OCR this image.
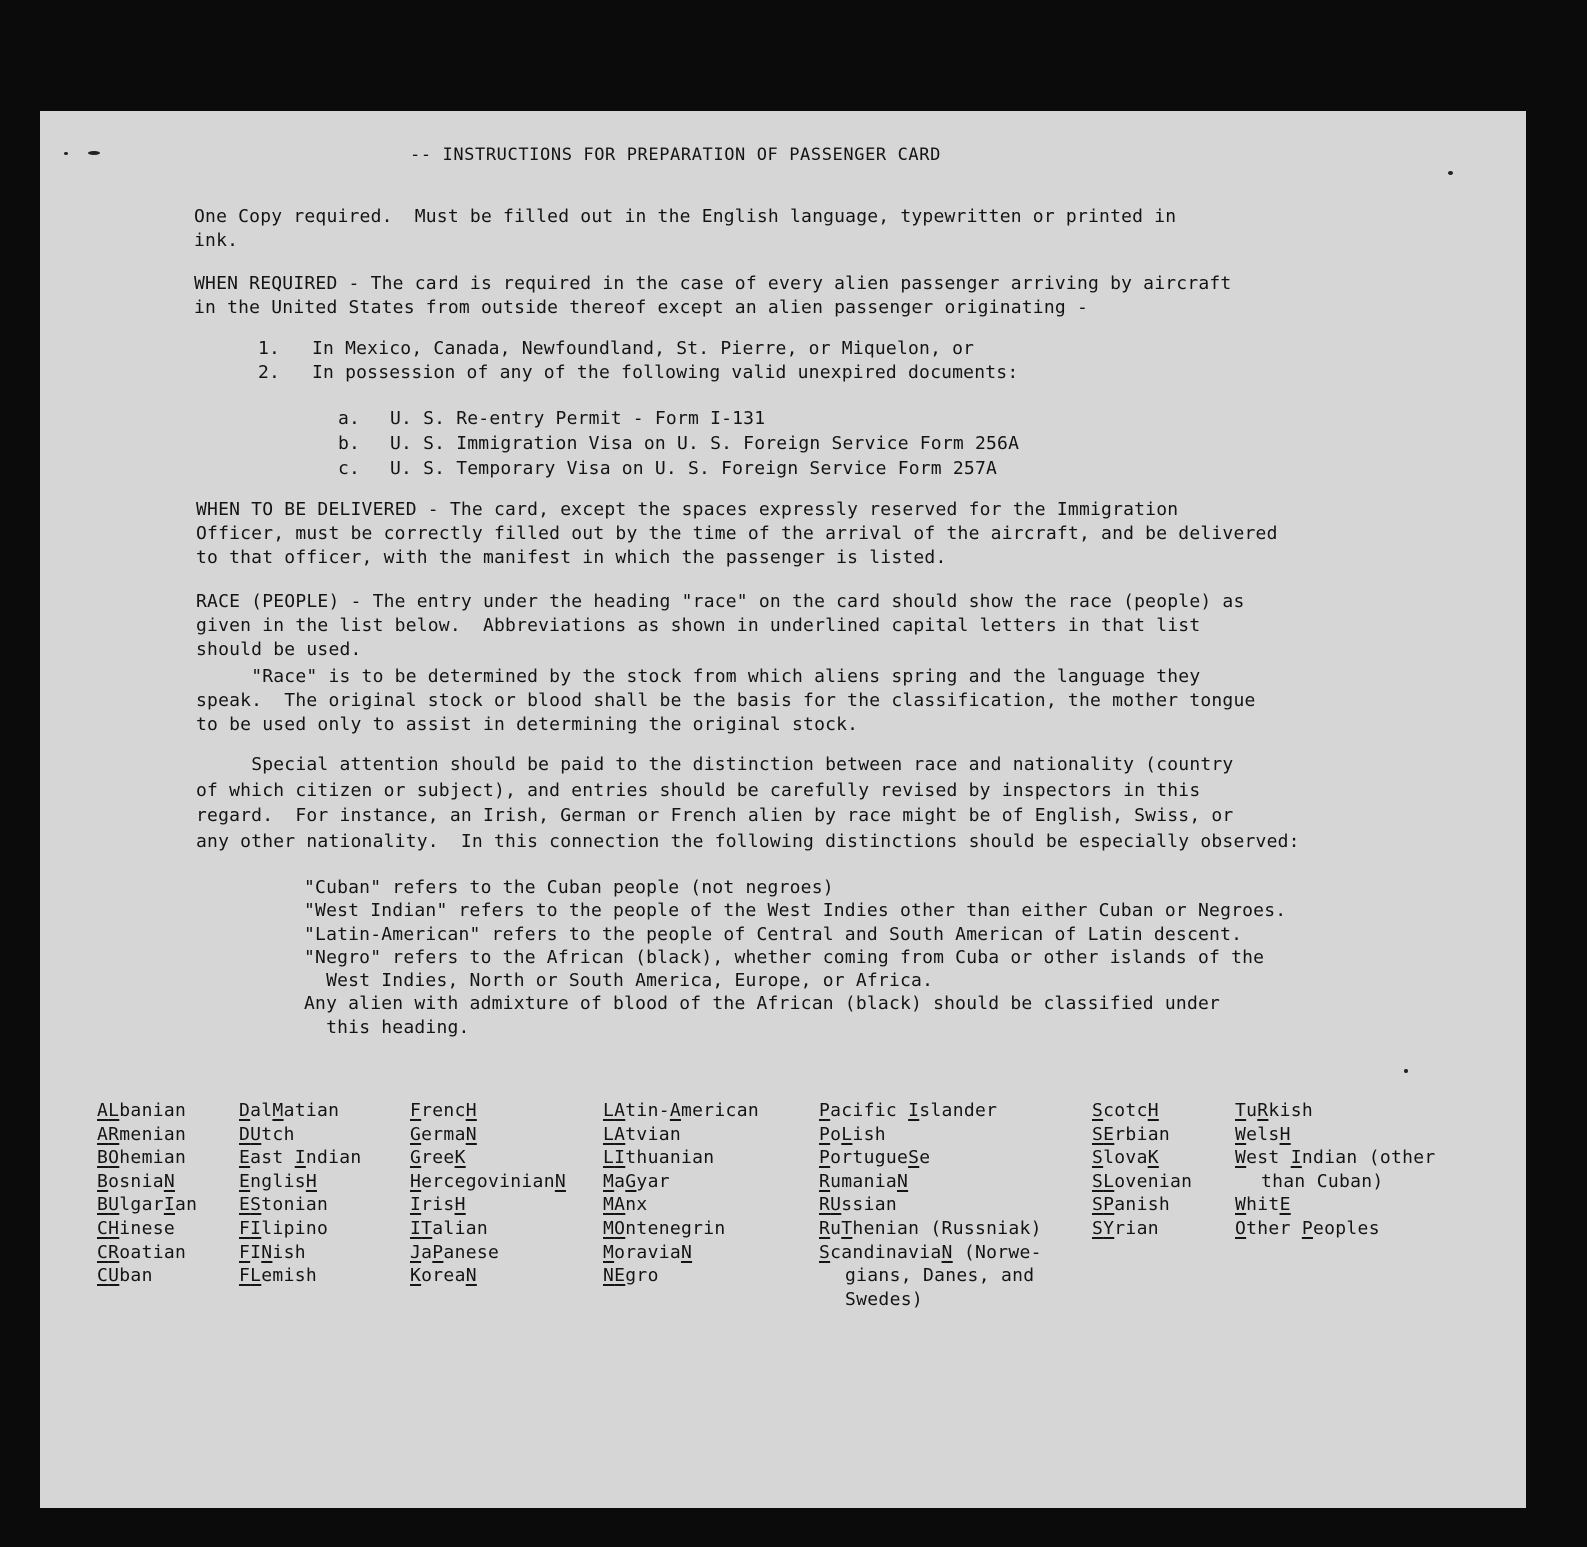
-- INSTRUCTIONS FOR PREPARATION OF PASSENGER CARD

One Copy required.  Must be filled out in the English language, typewritten or printed in
ink.

WHEN REQUIRED - The card is required in the case of every alien passenger arriving by aircraft
in the United States from outside thereof except an alien passenger originating -

1. In Mexico, Canada, Newfoundland, St. Pierre, or Miquelon, or
2. In possession of any of the following valid unexpired documents:
a. U. S. Re-entry Permit - Form I-131
b. U. S. Immigration Visa on U. S. Foreign Service Form 256A
c. U. S. Temporary Visa on U. S. Foreign Service Form 257A

WHEN TO BE DELIVERED - The card, except the spaces expressly reserved for the Immigration
Officer, must be correctly filled out by the time of the arrival of the aircraft, and be delivered
to that officer, with the manifest in which the passenger is listed.

RACE (PEOPLE) - The entry under the heading "race" on the card should show the race (people) as
given in the list below.  Abbreviations as shown in underlined capital letters in that list
should be used.

"Race" is to be determined by the stock from which aliens spring and the language they
speak.  The original stock or blood shall be the basis for the classification, the mother tongue
to be used only to assist in determining the original stock.

Special attention should be paid to the distinction between race and nationality (country
of which citizen or subject), and entries should be carefully revised by inspectors in this
regard.  For instance, an Irish, German or French alien by race might be of English, Swiss, or
any other nationality.  In this connection the following distinctions should be especially observed:

"Cuban" refers to the Cuban people (not negroes)
"West Indian" refers to the people of the West Indies other than either Cuban or Negroes.
"Latin-American" refers to the people of Central and South American of Latin descent.
"Negro" refers to the African (black), whether coming from Cuba or other islands of the
West Indies, North or South America, Europe, or Africa.
Any alien with admixture of blood of the African (black) should be classified under
this heading.

ALbanian
ARmenian
BOhemian
BosniaN
BUlgarIan
CHinese
CRoatian
CUban
DalMatian
DUtch
East Indian
EnglisH
EStonian
FIlipino
FINish
FLemish
FrencH
GermaN
GreeK
HercegovinianN
IrisH
ITalian
JaPanese
KoreaN
LAtin-American
LAtvian
LIthuanian
MaGyar
MAnx
MOntenegrin
MoraviaN
NEgro
Pacific Islander
PoLish
PortugueSe
RumaniaN
RUssian
RuThenian (Russniak)
ScandinaviaN (Norwe-
gians, Danes, and
Swedes)
ScotcH
SErbian
SlovaK
SLovenian
SPanish
SYrian
TuRkish
WelsH
West Indian (other
than Cuban)
WhitE
Other Peoples
